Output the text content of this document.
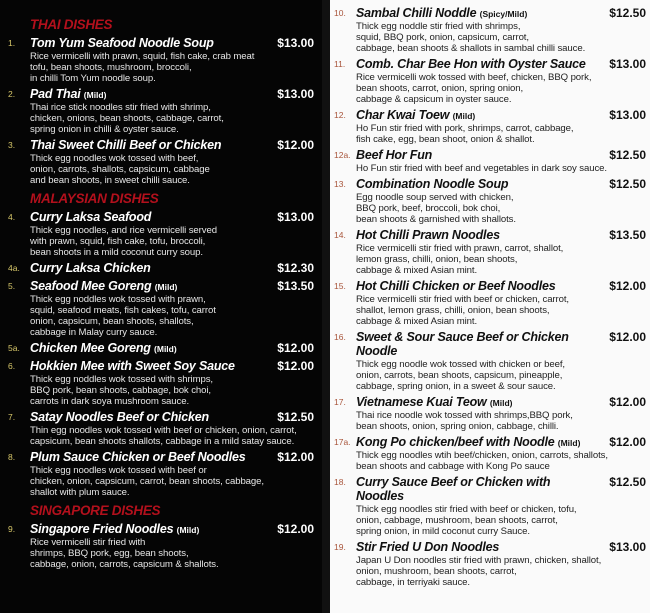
THAI DISHES
1.	Tom Yum Seafood Noodle Soup	$13.00
Rice vermicelli with prawn, squid, fish cake, crab meat
tofu, bean shoots, mushroom, broccoli,
in chilli Tom Yum noodle soup.
2.	Pad Thai (Mild)	$13.00
Thai rice stick noodles stir fried with shrimp,
chicken, onions, bean shoots, cabbage, carrot,
spring onion in chilli & oyster sauce.
3.	Thai Sweet Chilli Beef or Chicken	$12.00
Thick egg noodles wok tossed with beef,
onion, carrots, shallots, capsicum, cabbage
and bean shoots, in sweet chilli sauce.
MALAYSIAN DISHES
4.	Curry Laksa Seafood	$13.00
Thick egg noodles, and rice vermicelli served
with prawn, squid, fish cake, tofu, broccoli,
bean shoots in a mild coconut curry soup.
4a. Curry Laksa Chicken	$12.30
5.	Seafood Mee Goreng (Mild)	$13.50
Thick egg noddles wok tossed with prawn,
squid, seafood meats, fish cakes, tofu, carrot
onion, capsicum, bean shoots, shallots,
cabbage in Malay curry sauce.
5a. Chicken Mee Goreng (Mild)	$12.00
6.	Hokkien Mee with Sweet Soy Sauce	$12.00
Thick egg noddles wok tossed with shrimps,
BBQ pork, bean shoots, cabbage, bok choi,
carrots in dark soya mushroom sauce.
7.	Satay Noodles Beef or Chicken	$12.50
Thin egg noodles wok tossed with beef or chicken, onion, carrot,
capsicum, bean shoots shallots, cabbage in a mild satay sauce.
8.	Plum Sauce Chicken or Beef Noodles	$12.00
Thick egg noodles wok tossed with beef or
chicken, onion, capsicum, carrot, bean shoots, cabbage,
shallot with plum sauce.
SINGAPORE DISHES
9.	Singapore Fried Noodles (Mild)	$12.00
Rice vermicelli stir fried with
shrimps, BBQ pork, egg, bean shoots,
cabbage, onion, carrots, capsicum & shallots.
10. Sambal Chilli Noddle (Spicy/Mild)	$12.50
Thick egg noddle stir fried with shrimps,
squid, BBQ pork, onion, capsicum, carrot,
cabbage, bean shoots & shallots in sambal chilli sauce.
11. Comb. Char Bee Hon with Oyster Sauce	$13.00
Rice vermicelli wok tossed with beef, chicken, BBQ pork,
bean shoots, carrot, onion, spring onion,
cabbage & capsicum in oyster sauce.
12. Char Kwai Toew (Mild)	$13.00
Ho Fun stir fried with pork, shrimps, carrot, cabbage,
fish cake, egg, bean shoot, onion & shallot.
12a. Beef Hor Fun	$12.50
Ho Fun stir fried with beef and vegetables in dark soy sauce.
13. Combination Noodle Soup	$12.50
Egg noodle soup served with chicken,
BBQ pork, beef, broccoli, bok choi,
bean shoots & garnished with shallots.
14. Hot Chilli Prawn Noodles	$13.50
Rice vermicelli stir fried with prawn, carrot, shallot,
lemon grass, chilli, onion, bean shoots,
cabbage & mixed Asian mint.
15. Hot Chilli Chicken or Beef Noodles	$12.00
Rice vermicelli stir fried with beef or chicken, carrot,
shallot, lemon grass, chilli, onion, bean shoots,
cabbage & mixed Asian mint.
16. Sweet & Sour Sauce Beef or Chicken Noodle
$12.00
Thick egg noodle wok tossed with chicken or beef,
onion, carrots, bean shoots, capsicum, pineapple,
cabbage, spring onion, in a sweet & sour sauce.
17. Vietnamese Kuai Teow (Mild)	$12.00
Thai rice noodle wok tossed with shrimps,BBQ pork,
bean shoots, onion, spring onion, cabbage, chilli.
17a. Kong Po chicken/beef with Noodle (Mild)	$12.00
Thick egg noodles wtih beef/chicken, onion, carrots, shallots,
bean shoots and cabbage with Kong Po sauce
18. Curry Sauce Beef or Chicken with Noodles
$12.50
Thick egg noodles stir fried with beef or chicken, tofu,
onion, cabbage, mushroom, bean shoots, carrot,
spring onion, in mild coconut curry Sauce.
19. Stir Fried U Don Noodles	$13.00
Japan U Don noodles stir fried with prawn, chicken, shallot,
onion, mushroom, bean shoots, carrot,
cabbage, in terriyaki sauce.
